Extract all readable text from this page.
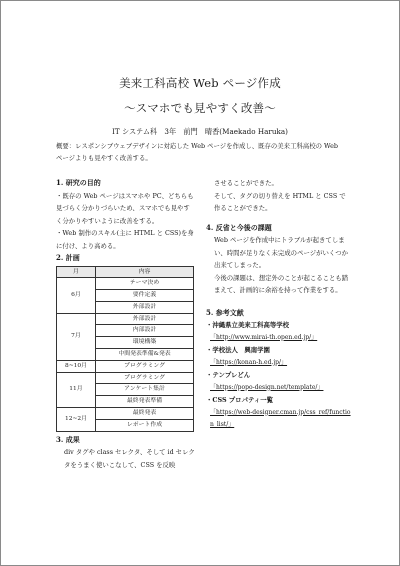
美来工科高校 Web ページ作成
～スマホでも見やすく改善～
IT システム科　3年　前門　晴香(Maekado Haruka)
概要：レスポンシブウェブデザインに対応した Web ページを作成し、既存の美来工科高校の Web ページよりも見やすく改善する。

1. 研究の目的

・既存の Web ページはスマホや PC、どちらも見づらく分かりづらいため、スマホでも見やすく分かりやすいように改善をする。

・Web 制作のスキル(主に HTML と CSS)を身に付け、より高める。

2. 計画

月	内容
6月	テーマ決め
	要件定義
	外部設計
7月	外部設計
	内部設計
	環境構築
	中間発表準備&発表
8~10月	プログラミング
11月	プログラミング
	アンケート集計
	最終発表準備
12~2月	最終発表
	レポート作成

3. 成果

div タグや class セレクタ、そして id セレクタをうまく使いこなして、CSS を反映

させることができた。

そして、タグの切り替えを HTML と CSS で作ることができた。

4. 反省と今後の課題

Web ページを作成中にトラブルが起きてしまい、時間が足りなく未完成のページがいくつか出来てしまった。

今後の課題は、想定外のことが起こることも踏まえて、計画的に余裕を持って作業をする。

5. 参考文献

・沖縄県立美来工科高等学校
「http://www.mirai-th.open.ed.jp/」
・学校法人　興南学園
「https://konan-h.ed.jp/」
・テンプレどん
「https://popo-design.net/template/」
・CSS プロパティ一覧
「https://web-designer.cman.jp/css_ref/function_list/」
